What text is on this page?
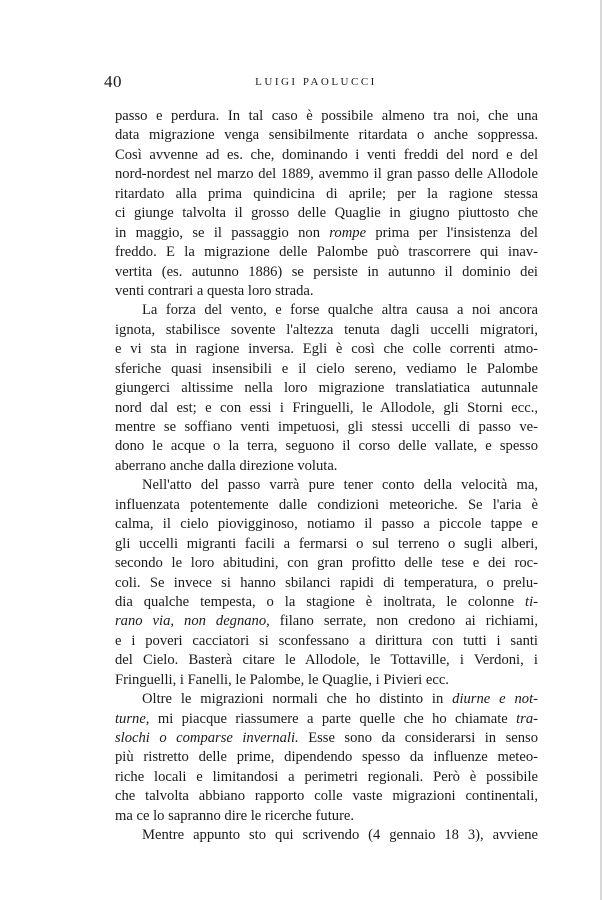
40	LUIGI PAOLUCCI
passo e perdura. In tal caso è possibile almeno tra noi, che una
data migrazione venga sensibilmente ritardata o anche soppressa.
Così avvenne ad es. che, dominando i venti freddi del nord e del
nord-nordest nel marzo del 1889, avemmo il gran passo delle Allodole
ritardato alla prima quindicina di aprile; per la ragione stessa
ci giunge talvolta il grosso delle Quaglie in giugno piuttosto che
in maggio, se il passaggio non rompe prima per l'insistenza del
freddo. E la migrazione delle Palombe può trascorrere qui inav-
vertita (es. autunno 1886) se persiste in autunno il dominio dei
venti contrari a questa loro strada.
La forza del vento, e forse qualche altra causa a noi ancora
ignota, stabilisce sovente l'altezza tenuta dagli uccelli migratori,
e vi sta in ragione inversa. Egli è così che colle correnti atmo-
sferiche quasi insensibili e il cielo sereno, vediamo le Palombe
giungerci altissime nella loro migrazione translatiatica autunnale
nord dal est; e con essi i Fringuelli, le Allodole, gli Storni ecc.,
mentre se soffiano venti impetuosi, gli stessi uccelli di passo ve-
dono le acque o la terra, seguono il corso delle vallate, e spesso
aberrano anche dalla direzione voluta.
Nell'atto del passo varrà pure tener conto della velocità ma,
influenzata potentemente dalle condizioni meteoriche. Se l'aria è
calma, il cielo piovigginoso, notiamo il passo a piccole tappe e
gli uccelli migranti facili a fermarsi o sul terreno o sugli alberi,
secondo le loro abitudini, con gran profitto delle tese e dei roc-
coli. Se invece si hanno sbilanci rapidi di temperatura, o prelu-
dia qualche tempesta, o la stagione è inoltrata, le colonne ti-
rano via, non degnano, filano serrate, non credono ai richiami,
e i poveri cacciatori si sconfessano a dirittura con tutti i santi
del Cielo. Basterà citare le Allodole, le Tottaville, i Verdoni, i
Fringuelli, i Fanelli, le Palombe, le Quaglie, i Pivieri ecc.
Oltre le migrazioni normali che ho distinto in diurne e not-
turne, mi piacque riassumere a parte quelle che ho chiamate tra-
slochi o comparse invernali. Esse sono da considerarsi in senso
più ristretto delle prime, dipendendo spesso da influenze meteo-
riche locali e limitandosi a perimetri regionali. Però è possibile
che talvolta abbiano rapporto colle vaste migrazioni continentali,
ma ce lo sapranno dire le ricerche future.
Mentre appunto sto qui scrivendo (4 gennaio 18 3), avviene
